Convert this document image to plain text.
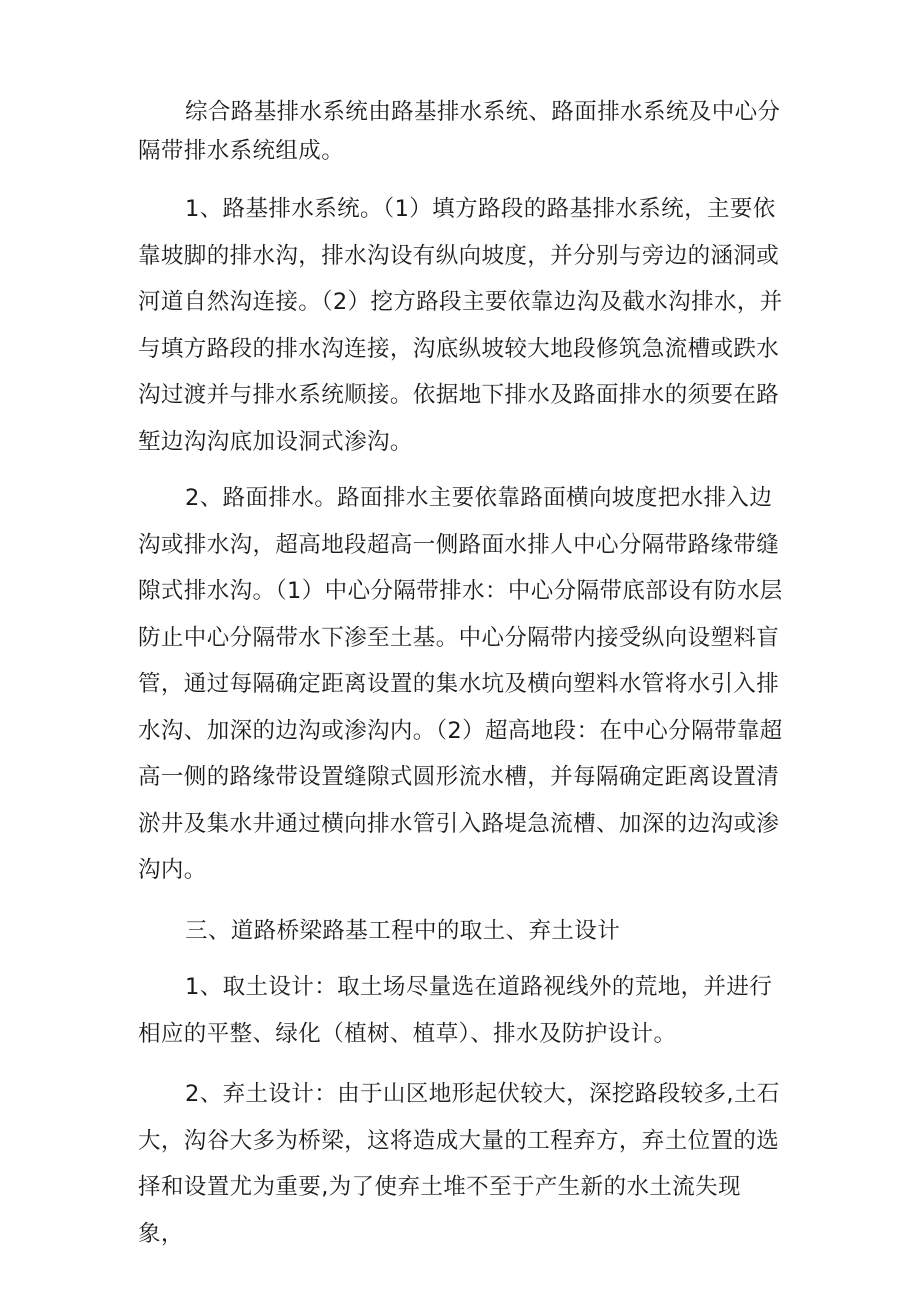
综合路基排水系统由路基排水系统、路面排水系统及中心分隔带排水系统组成。

1、路基排水系统。（1）填方路段的路基排水系统，主要依靠坡脚的排水沟，排水沟设有纵向坡度，并分别与旁边的涵洞或河道自然沟连接。（2）挖方路段主要依靠边沟及截水沟排水，并与填方路段的排水沟连接，沟底纵坡较大地段修筑急流槽或跌水沟过渡并与排水系统顺接。依据地下排水及路面排水的须要在路堑边沟沟底加设洞式渗沟。

2、路面排水。路面排水主要依靠路面横向坡度把水排入边沟或排水沟，超高地段超高一侧路面水排人中心分隔带路缘带缝隙式排水沟。（1）中心分隔带排水：中心分隔带底部设有防水层防止中心分隔带水下渗至土基。中心分隔带内接受纵向设塑料盲管，通过每隔确定距离设置的集水坑及横向塑料水管将水引入排水沟、加深的边沟或渗沟内。（2）超高地段：在中心分隔带靠超高一侧的路缘带设置缝隙式圆形流水槽，并每隔确定距离设置清淤井及集水井通过横向排水管引入路堤急流槽、加深的边沟或渗沟内。

三、道路桥梁路基工程中的取土、弃土设计

1、取土设计：取土场尽量选在道路视线外的荒地，并进行相应的平整、绿化（植树、植草）、排水及防护设计。

2、弃土设计：由于山区地形起伏较大，深挖路段较多,土石大，沟谷大多为桥梁，这将造成大量的工程弃方，弃土位置的选择和设置尤为重要,为了使弃土堆不至于产生新的水土流失现象，
